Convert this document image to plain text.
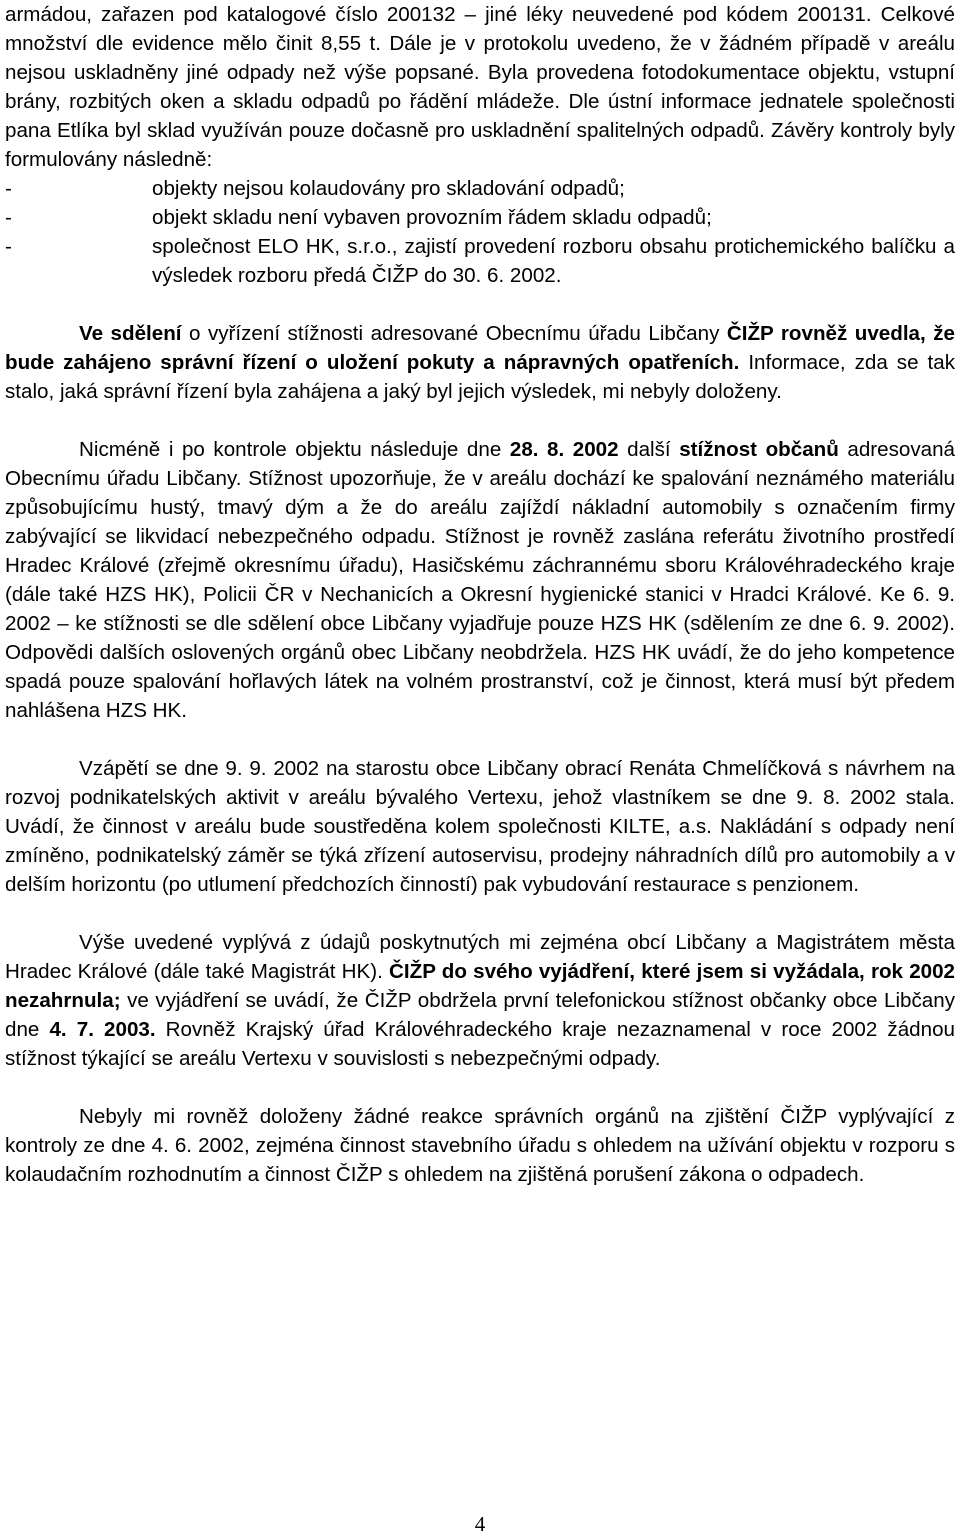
armádou, zařazen pod katalogové číslo 200132 – jiné léky neuvedené pod kódem 200131. Celkové množství dle evidence mělo činit 8,55 t. Dále je v protokolu uvedeno, že v žádném případě v areálu nejsou uskladněny jiné odpady než výše popsané. Byla provedena fotodokumentace objektu, vstupní brány, rozbitých oken a skladu odpadů po řádění mládeže. Dle ústní informace jednatele společnosti pana Etlíka byl sklad využíván pouze dočasně pro uskladnění spalitelných odpadů. Závěry kontroly byly formulovány následně:

-	objekty nejsou kolaudovány pro skladování odpadů;
-	objekt skladu není vybaven provozním řádem skladu odpadů;
-	společnost ELO HK, s.r.o., zajistí provedení rozboru obsahu protichemického balíčku a výsledek rozboru předá ČIŽP do 30. 6. 2002.

Ve sdělení o vyřízení stížnosti adresované Obecnímu úřadu Libčany ČIŽP rovněž uvedla, že bude zahájeno správní řízení o uložení pokuty a nápravných opatřeních. Informace, zda se tak stalo, jaká správní řízení byla zahájena a jaký byl jejich výsledek, mi nebyly doloženy.

Nicméně i po kontrole objektu následuje dne 28. 8. 2002 další stížnost občanů adresovaná Obecnímu úřadu Libčany. Stížnost upozorňuje, že v areálu dochází ke spalování neznámého materiálu způsobujícímu hustý, tmavý dým a že do areálu zajíždí nákladní automobily s označením firmy zabývající se likvidací nebezpečného odpadu. Stížnost je rovněž zaslána referátu životního prostředí Hradec Králové (zřejmě okresnímu úřadu), Hasičskému záchrannému sboru Královéhradeckého kraje (dále také HZS HK), Policii ČR v Nechanicích a Okresní hygienické stanici v Hradci Králové. Ke 6. 9. 2002 – ke stížnosti se dle sdělení obce Libčany vyjadřuje pouze HZS HK (sdělením ze dne 6. 9. 2002). Odpovědi dalších oslovených orgánů obec Libčany neobdržela. HZS HK uvádí, že do jeho kompetence spadá pouze spalování hořlavých látek na volném prostranství, což je činnost, která musí být předem nahlášena HZS HK.

Vzápětí se dne 9. 9. 2002 na starostu obce Libčany obrací Renáta Chmelíčková s návrhem na rozvoj podnikatelských aktivit v areálu bývalého Vertexu, jehož vlastníkem se dne 9. 8. 2002 stala. Uvádí, že činnost v areálu bude soustředěna kolem společnosti KILTE, a.s. Nakládání s odpady není zmíněno, podnikatelský záměr se týká zřízení autoservisu, prodejny náhradních dílů pro automobily a v delším horizontu (po utlumení předchozích činností) pak vybudování restaurace s penzionem.

Výše uvedené vyplývá z údajů poskytnutých mi zejména obcí Libčany a Magistrátem města Hradec Králové (dále také Magistrát HK). ČIŽP do svého vyjádření, které jsem si vyžádala, rok 2002 nezahrnula; ve vyjádření se uvádí, že ČIŽP obdržela první telefonickou stížnost občanky obce Libčany dne 4. 7. 2003. Rovněž Krajský úřad Královéhradeckého kraje nezaznamenal v roce 2002 žádnou stížnost týkající se areálu Vertexu v souvislosti s nebezpečnými odpady.

Nebyly mi rovněž doloženy žádné reakce správních orgánů na zjištění ČIŽP vyplývající z kontroly ze dne 4. 6. 2002, zejména činnost stavebního úřadu s ohledem na užívání objektu v rozporu s kolaudačním rozhodnutím a činnost ČIŽP s ohledem na zjištěná porušení zákona o odpadech.

4
